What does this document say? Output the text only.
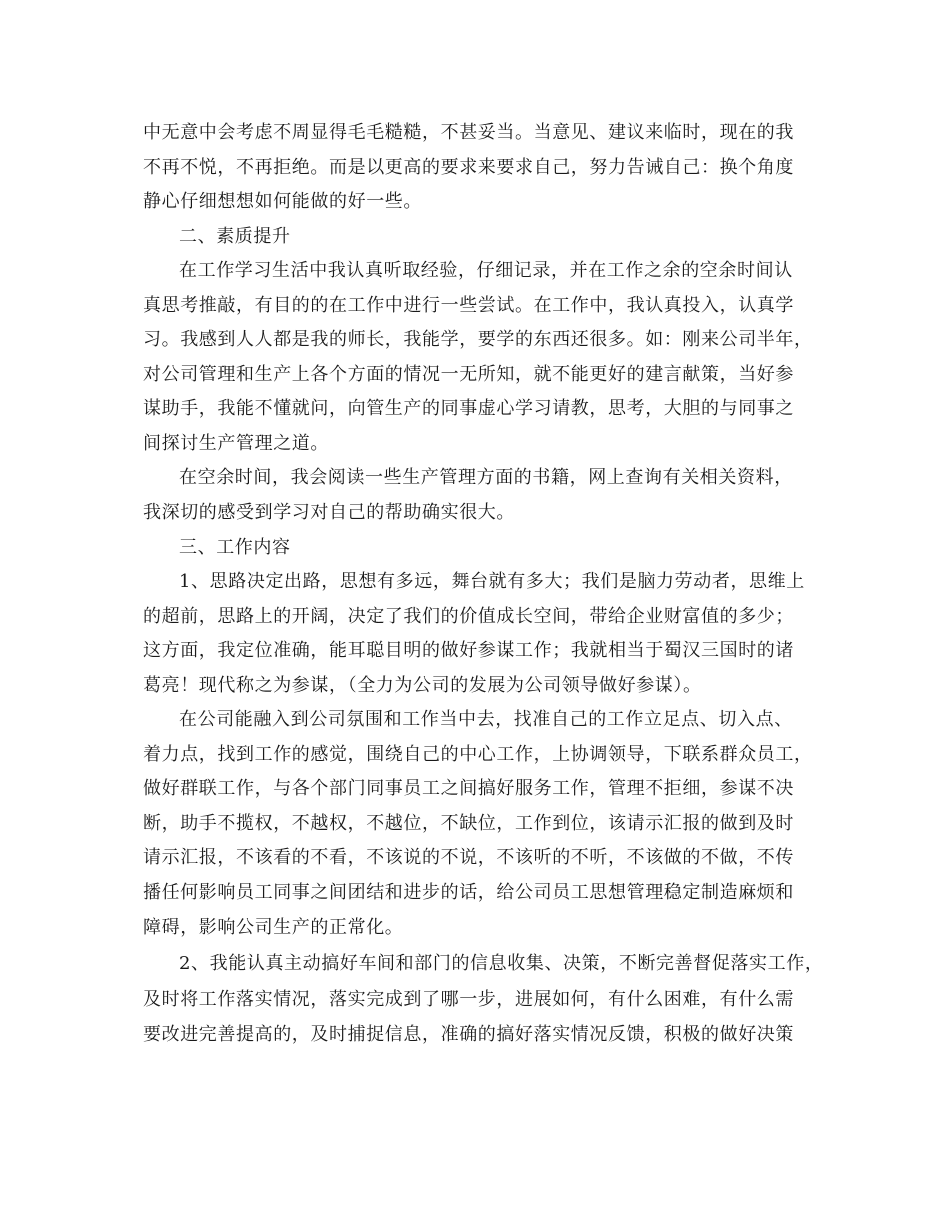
中无意中会考虑不周显得毛毛糙糙，不甚妥当。当意见、建议来临时，现在的我
不再不悦，不再拒绝。而是以更高的要求来要求自己，努力告诫自己：换个角度
静心仔细想想如何能做的好一些。
二、素质提升
在工作学习生活中我认真听取经验，仔细记录，并在工作之余的空余时间认
真思考推敲，有目的的在工作中进行一些尝试。在工作中，我认真投入，认真学
习。我感到人人都是我的师长，我能学，要学的东西还很多。如：刚来公司半年，
对公司管理和生产上各个方面的情况一无所知，就不能更好的建言献策，当好参
谋助手，我能不懂就问，向管生产的同事虚心学习请教，思考，大胆的与同事之
间探讨生产管理之道。
在空余时间，我会阅读一些生产管理方面的书籍，网上查询有关相关资料，
我深切的感受到学习对自己的帮助确实很大。
三、工作内容
1、思路决定出路，思想有多远，舞台就有多大；我们是脑力劳动者，思维上
的超前，思路上的开阔，决定了我们的价值成长空间，带给企业财富值的多少；
这方面，我定位准确，能耳聪目明的做好参谋工作；我就相当于蜀汉三国时的诸
葛亮！现代称之为参谋，（全力为公司的发展为公司领导做好参谋）。
在公司能融入到公司氛围和工作当中去，找准自己的工作立足点、切入点、
着力点，找到工作的感觉，围绕自己的中心工作，上协调领导，下联系群众员工，
做好群联工作，与各个部门同事员工之间搞好服务工作，管理不拒细，参谋不决
断，助手不揽权，不越权，不越位，不缺位，工作到位，该请示汇报的做到及时
请示汇报，不该看的不看，不该说的不说，不该听的不听，不该做的不做，不传
播任何影响员工同事之间团结和进步的话，给公司员工思想管理稳定制造麻烦和
障碍，影响公司生产的正常化。
2、我能认真主动搞好车间和部门的信息收集、决策，不断完善督促落实工作，
及时将工作落实情况，落实完成到了哪一步，进展如何，有什么困难，有什么需
要改进完善提高的，及时捕捉信息，准确的搞好落实情况反馈，积极的做好决策
